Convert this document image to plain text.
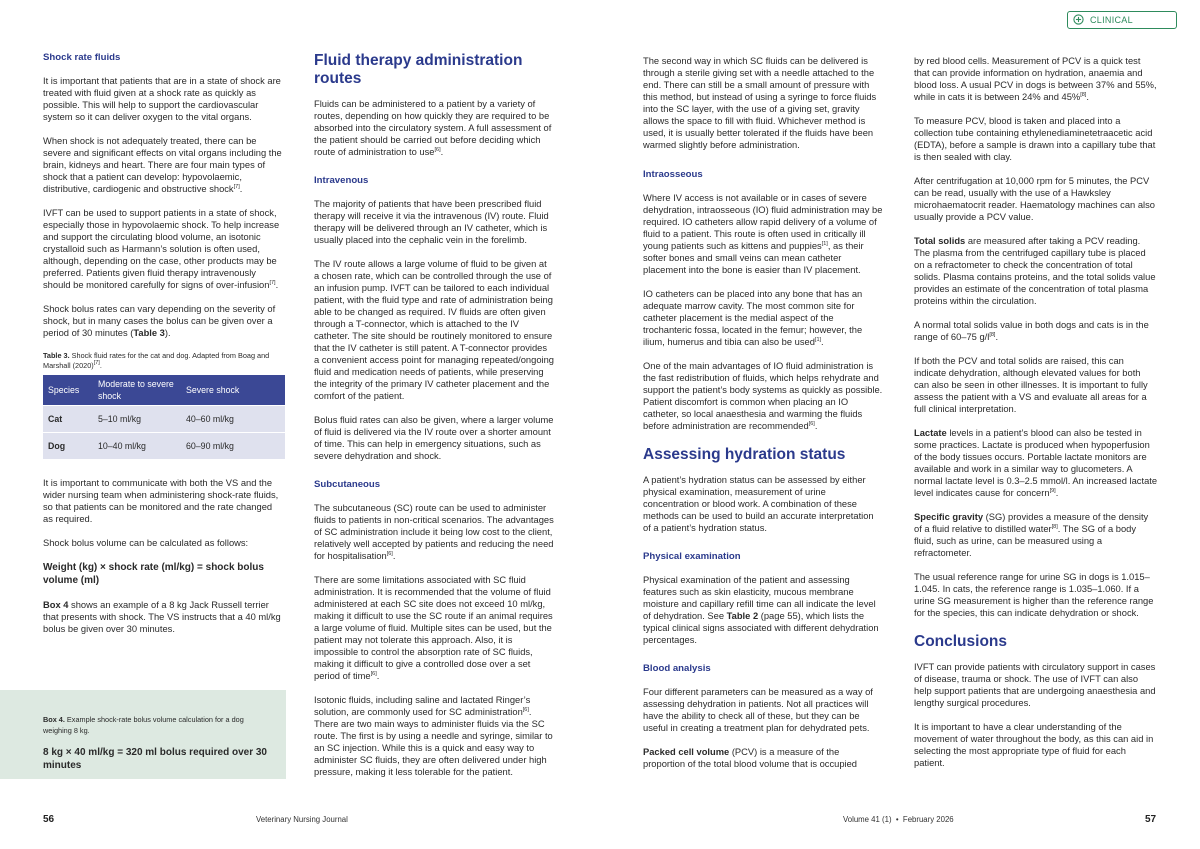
CLINICAL
Shock rate fluids

It is important that patients that are in a state of shock are treated with fluid given at a shock rate as quickly as possible. This will help to support the cardiovascular system so it can deliver oxygen to the vital organs.

When shock is not adequately treated, there can be severe and significant effects on vital organs including the brain, kidneys and heart. There are four main types of shock that a patient can develop: hypovolaemic, distributive, cardiogenic and obstructive shock[7].

IVFT can be used to support patients in a state of shock, especially those in hypovolaemic shock. To help increase and support the circulating blood volume, an isotonic crystalloid such as Harmann’s solution is often used, although, depending on the case, other products may be preferred. Patients given fluid therapy intravenously should be monitored carefully for signs of over-infusion[7].

Shock bolus rates can vary depending on the severity of shock, but in many cases the bolus can be given over a period of 30 minutes (Table 3).

Table 3. Shock fluid rates for the cat and dog. Adapted from Boag and Marshall (2020)[7].

Species	Moderate to severe shock	Severe shock
Cat	5–10 ml/kg	40–60 ml/kg
Dog	10–40 ml/kg	60–90 ml/kg

It is important to communicate with both the VS and the wider nursing team when administering shock-rate fluids, so that patients can be monitored and the rate changed as required.

Shock bolus volume can be calculated as follows:

Weight (kg) × shock rate (ml/kg) = shock bolus volume (ml)

Box 4 shows an example of a 8 kg Jack Russell terrier that presents with shock. The VS instructs that a 40 ml/kg bolus be given over 30 minutes.

Box 4. Example shock-rate bolus volume calculation for a dog weighing 8 kg.
8 kg × 40 ml/kg = 320 ml bolus required over 30 minutes
Fluid therapy administration routes

Fluids can be administered to a patient by a variety of routes, depending on how quickly they are required to be absorbed into the circulatory system. A full assessment of the patient should be carried out before deciding which route of administration to use[6].

Intravenous

The majority of patients that have been prescribed fluid therapy will receive it via the intravenous (IV) route. Fluid therapy will be delivered through an IV catheter, which is usually placed into the cephalic vein in the forelimb.

The IV route allows a large volume of fluid to be given at a chosen rate, which can be controlled through the use of an infusion pump. IVFT can be tailored to each individual patient, with the fluid type and rate of administration being able to be changed as required. IV fluids are often given through a T-connector, which is attached to the IV catheter. The site should be routinely monitored to ensure that the IV catheter is still patent. A T-connector provides a convenient access point for managing repeated/ongoing fluid and medication needs of patients, while preserving the integrity of the primary IV catheter placement and the comfort of the patient.

Bolus fluid rates can also be given, where a larger volume of fluid is delivered via the IV route over a shorter amount of time. This can help in emergency situations, such as severe dehydration and shock.

Subcutaneous

The subcutaneous (SC) route can be used to administer fluids to patients in non-critical scenarios. The advantages of SC administration include it being low cost to the client, relatively well accepted by patients and reducing the need for hospitalisation[6].

There are some limitations associated with SC fluid administration. It is recommended that the volume of fluid administered at each SC site does not exceed 10 ml/kg, making it difficult to use the SC route if an animal requires a large volume of fluid. Multiple sites can be used, but the patient may not tolerate this approach. Also, it is impossible to control the absorption rate of SC fluids, making it difficult to give a controlled dose over a set period of time[6].

Isotonic fluids, including saline and lactated Ringer’s solution, are commonly used for SC administration[6]. There are two main ways to administer fluids via the SC route. The first is by using a needle and syringe, similar to an SC injection. While this is a quick and easy way to administer SC fluids, they are often delivered under high pressure, making it less tolerable for the patient.

The second way in which SC fluids can be delivered is through a sterile giving set with a needle attached to the end. There can still be a small amount of pressure with this method, but instead of using a syringe to force fluids into the SC layer, with the use of a giving set, gravity allows the space to fill with fluid. Whichever method is used, it is usually better tolerated if the fluids have been warmed slightly before administration.

Intraosseous

Where IV access is not available or in cases of severe dehydration, intraosseous (IO) fluid administration may be required. IO catheters allow rapid delivery of a volume of fluid to a patient. This route is often used in critically ill young patients such as kittens and puppies[1], as their softer bones and small veins can mean catheter placement into the bone is easier than IV placement.

IO catheters can be placed into any bone that has an adequate marrow cavity. The most common site for catheter placement is the medial aspect of the trochanteric fossa, located in the femur; however, the ilium, humerus and tibia can also be used[1].

One of the main advantages of IO fluid administration is the fast redistribution of fluids, which helps rehydrate and support the patient’s body systems as quickly as possible. Patient discomfort is common when placing an IO catheter, so local anaesthesia and warming the fluids before administration are recommended[6].

Assessing hydration status

A patient’s hydration status can be assessed by either physical examination, measurement of urine concentration or blood work. A combination of these methods can be used to build an accurate interpretation of a patient’s hydration status.

Physical examination

Physical examination of the patient and assessing features such as skin elasticity, mucous membrane moisture and capillary refill time can all indicate the level of dehydration. See Table 2 (page 55), which lists the typical clinical signs associated with different dehydration percentages.

Blood analysis

Four different parameters can be measured as a way of assessing dehydration in patients. Not all practices will have the ability to check all of these, but they can be useful in creating a treatment plan for dehydrated pets.

Packed cell volume (PCV) is a measure of the proportion of the total blood volume that is occupied

by red blood cells. Measurement of PCV is a quick test that can provide information on hydration, anaemia and blood loss. A usual PCV in dogs is between 37% and 55%, while in cats it is between 24% and 45%[8].

To measure PCV, blood is taken and placed into a collection tube containing ethylenediaminetetraacetic acid (EDTA), before a sample is drawn into a capillary tube that is then sealed with clay.

After centrifugation at 10,000 rpm for 5 minutes, the PCV can be read, usually with the use of a Hawksley microhaematocrit reader. Haematology machines can also usually provide a PCV value.

Total solids are measured after taking a PCV reading. The plasma from the centrifuged capillary tube is placed on a refractometer to check the concentration of total solids. Plasma contains proteins, and the total solids value provides an estimate of the concentration of total plasma proteins within the circulation.

A normal total solids value in both dogs and cats is in the range of 60–75 g/l[8].

If both the PCV and total solids are raised, this can indicate dehydration, although elevated values for both can also be seen in other illnesses. It is important to fully assess the patient with a VS and evaluate all areas for a full clinical interpretation.

Lactate levels in a patient’s blood can also be tested in some practices. Lactate is produced when hypoperfusion of the body tissues occurs. Portable lactate monitors are available and work in a similar way to glucometers. A normal lactate level is 0.3–2.5 mmol/l. An increased lactate level indicates cause for concern[9].

Specific gravity (SG) provides a measure of the density of a fluid relative to distilled water[8]. The SG of a body fluid, such as urine, can be measured using a refractometer.

The usual reference range for urine SG in dogs is 1.015–1.045. In cats, the reference range is 1.035–1.060. If a urine SG measurement is higher than the reference range for the species, this can indicate dehydration or shock.

Conclusions

IVFT can provide patients with circulatory support in cases of disease, trauma or shock. The use of IVFT can also help support patients that are undergoing anaesthesia and lengthy surgical procedures.

It is important to have a clear understanding of the movement of water throughout the body, as this can aid in selecting the most appropriate type of fluid for each patient.

56	Veterinary Nursing Journal	Volume 41 (1)  •  February 2026	57
